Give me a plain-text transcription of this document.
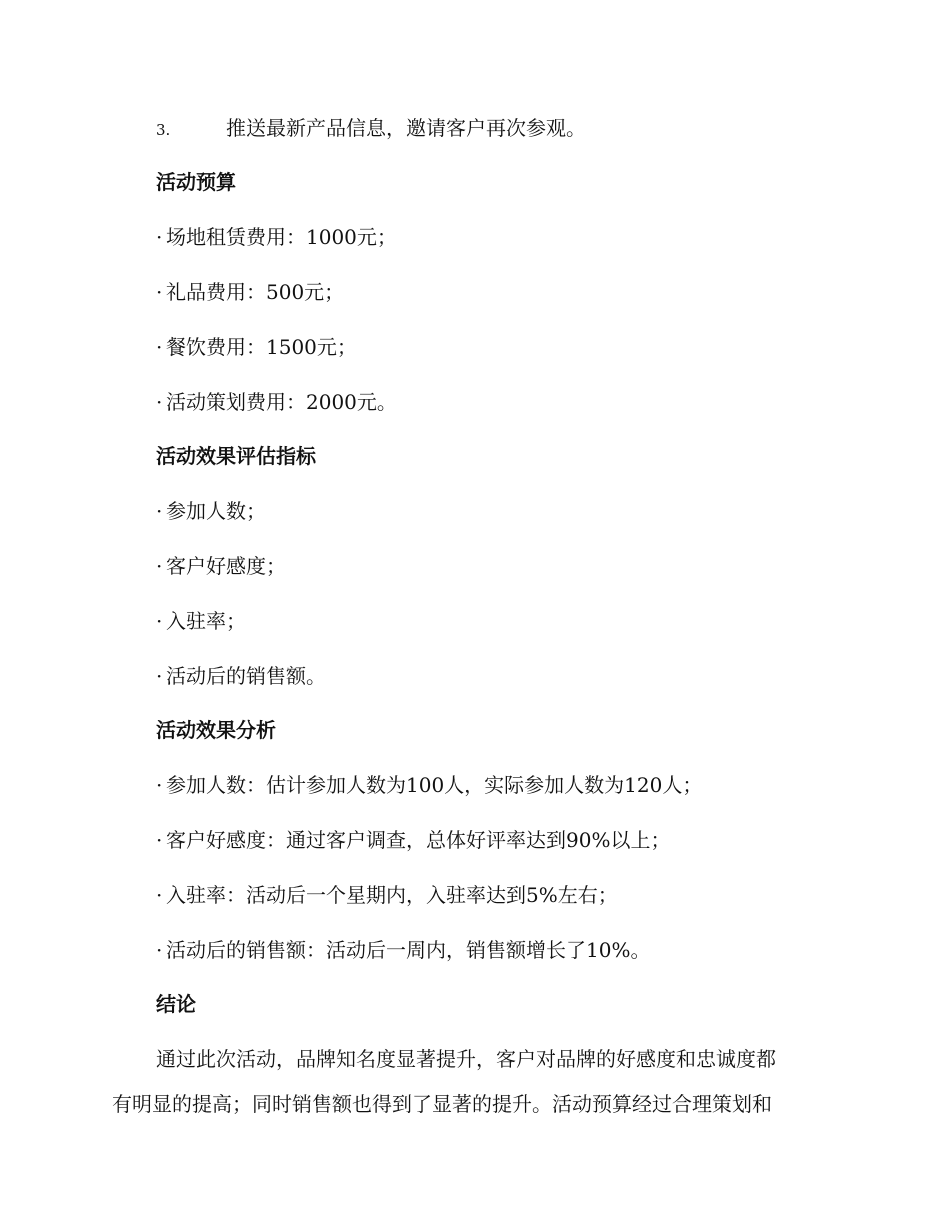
3.	推送最新产品信息，邀请客户再次参观。
活动预算
· 场地租赁费用：1000元；
· 礼品费用：500元；
· 餐饮费用：1500元；
· 活动策划费用：2000元。
活动效果评估指标
· 参加人数；
· 客户好感度；
· 入驻率；
· 活动后的销售额。
活动效果分析
· 参加人数：估计参加人数为100人，实际参加人数为120人；
· 客户好感度：通过客户调查，总体好评率达到90%以上；
· 入驻率：活动后一个星期内，入驻率达到5%左右；
· 活动后的销售额：活动后一周内，销售额增长了10%。
结论
通过此次活动，品牌知名度显著提升，客户对品牌的好感度和忠诚度都
有明显的提高；同时销售额也得到了显著的提升。活动预算经过合理策划和
